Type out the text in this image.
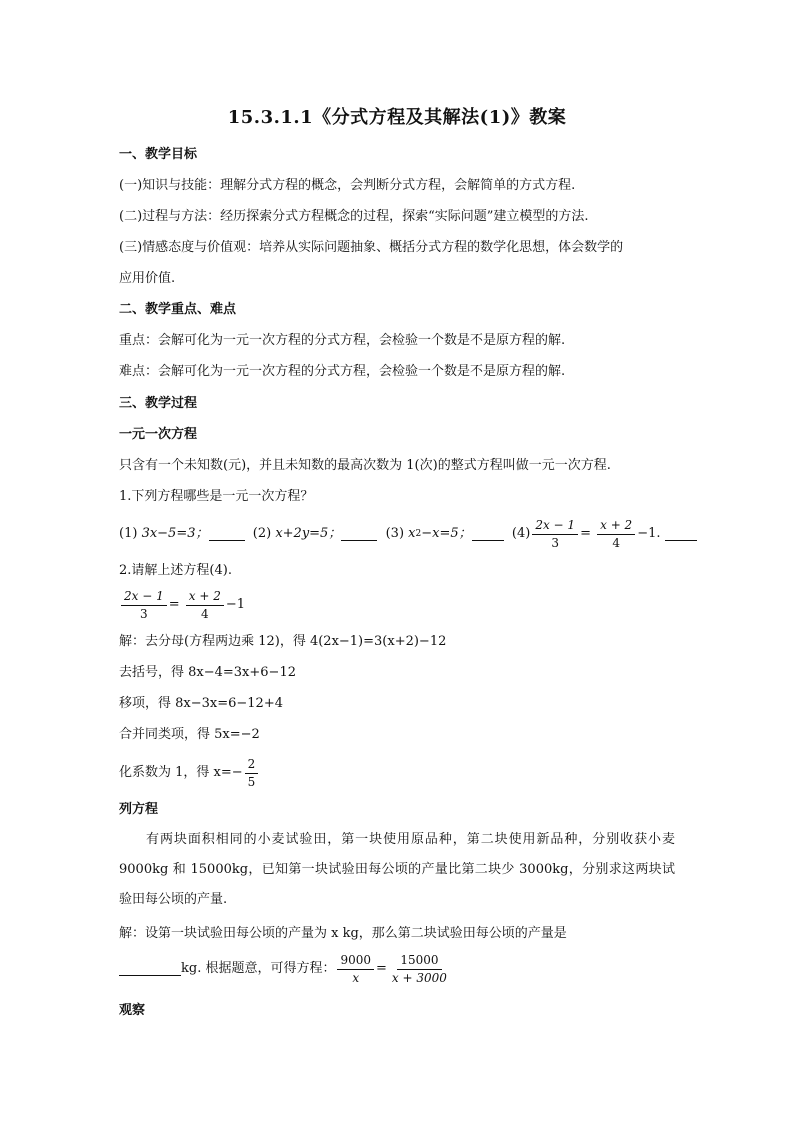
15.3.1.1《分式方程及其解法(1)》教案
一、教学目标
(一)知识与技能：理解分式方程的概念，会判断分式方程，会解简单的方式方程.
(二)过程与方法：经历探索分式方程概念的过程，探索“实际问题”建立模型的方法.
(三)情感态度与价值观：培养从实际问题抽象、概括分式方程的数学化思想，体会数学的
应用价值.
二、教学重点、难点
重点：会解可化为一元一次方程的分式方程，会检验一个数是不是原方程的解.
难点：会解可化为一元一次方程的分式方程，会检验一个数是不是原方程的解.
三、教学过程
一元一次方程
只含有一个未知数(元)，并且未知数的最高次数为 1(次)的整式方程叫做一元一次方程.
1.下列方程哪些是一元一次方程？
(1)
3x−5=3；
	(2)
x+2y=5；
	(3)
x 2 −x=5；
	$(4) \frac{2x - 1}{3}$ =
$\frac{x + 2}{4} -1$.

2.请解上述方程(4).
$\frac{2x - 1}{3}$ =
$\frac{x + 2}{4} -1$
解：去分母(方程两边乘 12)，得 4(2x−1)=3(x+2)−12
去括号，得 8x−4=3x+6−12
移项，得 8x−3x=6−12+4
合并同类项，得 5x=−2
化系数为 1，得 $x=- \frac{2}{5}$
列方程
有两块面积相同的小麦试验田，第一块使用原品种，第二块使用新品种，分别收获小麦 9000kg 和 15000kg，已知第一块试验田每公顷的产量比第二块少 3000kg，分别求这两块试验田每公顷的产量.
解：设第一块试验田每公顷的产量为 x kg，那么第二块试验田每公顷的产量是
kg. 根据题意，可得方程： $\frac{9000}{x} = \frac{15000}{x + 3000}$
观察
